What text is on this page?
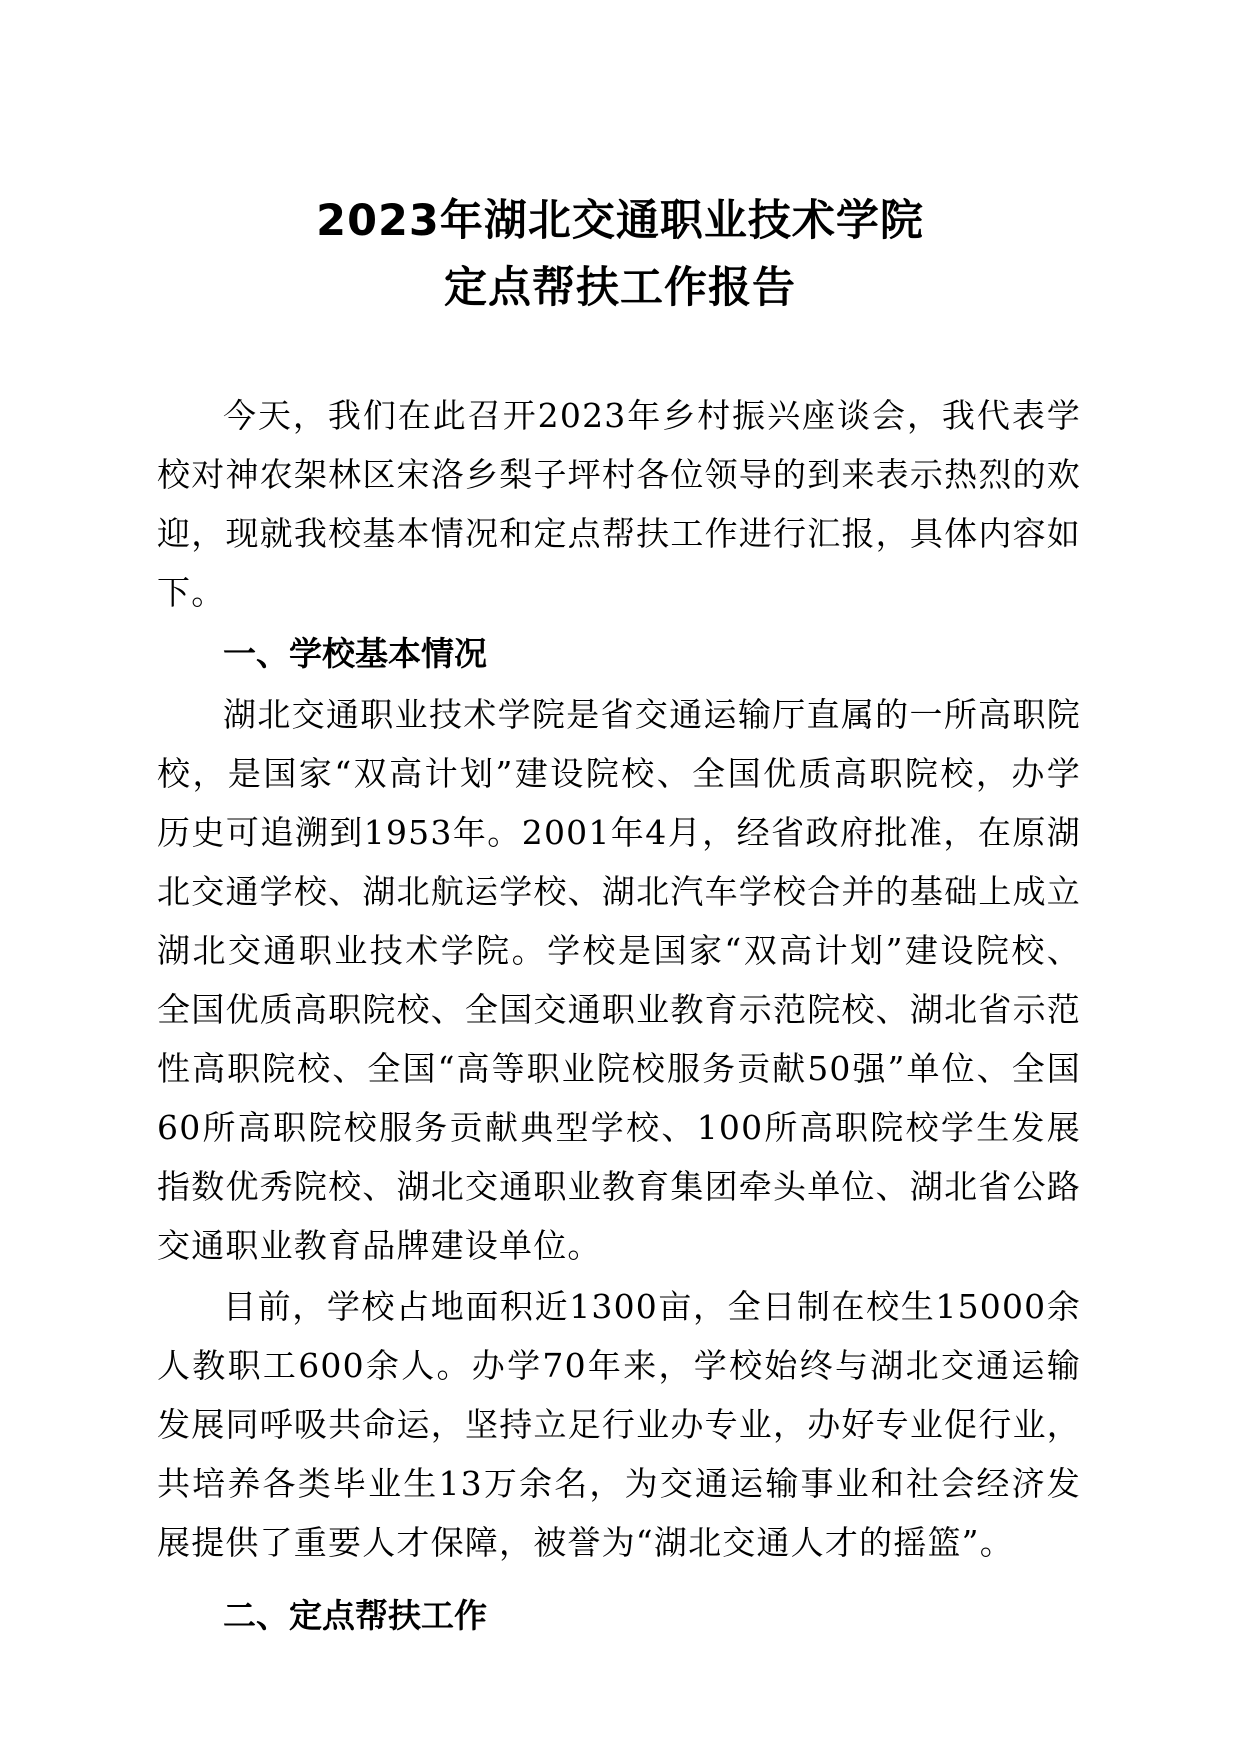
2023年湖北交通职业技术学院
定点帮扶工作报告

今天，我们在此召开2023年乡村振兴座谈会，我代表学校对神农架林区宋洛乡梨子坪村各位领导的到来表示热烈的欢迎，现就我校基本情况和定点帮扶工作进行汇报，具体内容如下。

一、学校基本情况

湖北交通职业技术学院是省交通运输厅直属的一所高职院校，是国家“双高计划”建设院校、全国优质高职院校，办学历史可追溯到1953年。2001年4月，经省政府批准，在原湖北交通学校、湖北航运学校、湖北汽车学校合并的基础上成立湖北交通职业技术学院。学校是国家“双高计划”建设院校、全国优质高职院校、全国交通职业教育示范院校、湖北省示范性高职院校、全国“高等职业院校服务贡献50强”单位、全国60所高职院校服务贡献典型学校、100所高职院校学生发展指数优秀院校、湖北交通职业教育集团牵头单位、湖北省公路交通职业教育品牌建设单位。

目前，学校占地面积近1300亩，全日制在校生15000余人教职工600余人。办学70年来，学校始终与湖北交通运输发展同呼吸共命运，坚持立足行业办专业，办好专业促行业，共培养各类毕业生13万余名，为交通运输事业和社会经济发展提供了重要人才保障，被誉为“湖北交通人才的摇篮”。

二、定点帮扶工作
